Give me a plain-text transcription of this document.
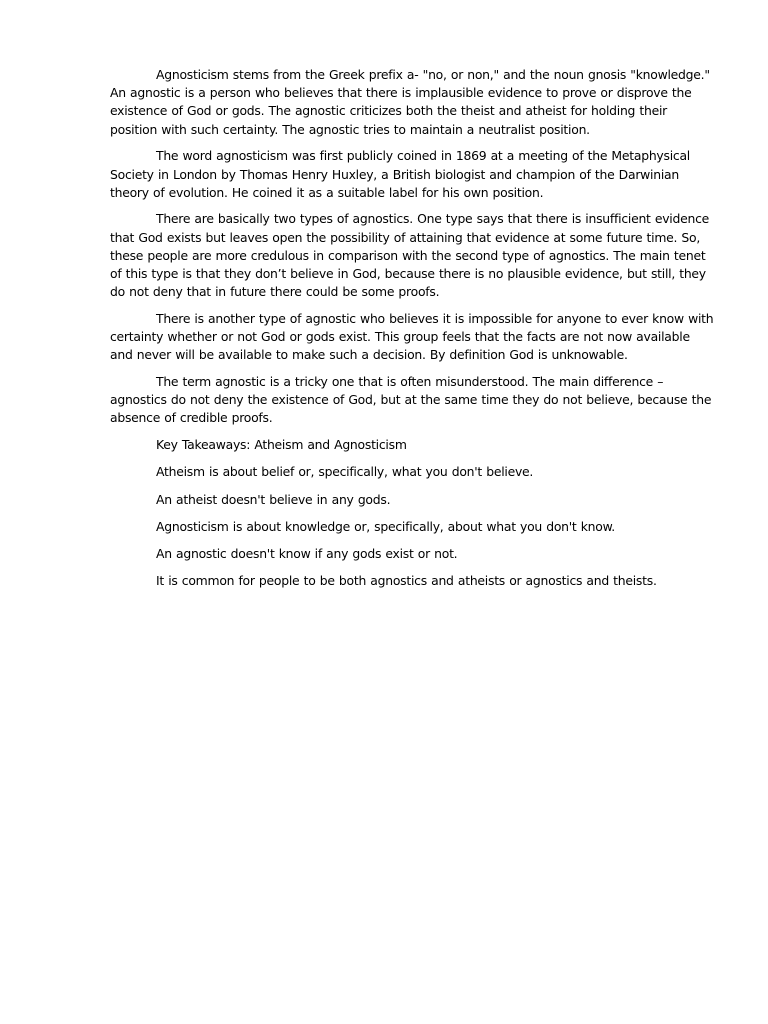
Agnosticism stems from the Greek prefix a- "no, or non," and the noun gnosis "knowledge." An agnostic is a person who believes that there is implausible evidence to prove or disprove the existence of God or gods. The agnostic criticizes both the theist and atheist for holding their position with such certainty. The agnostic tries to maintain a neutralist position.

The word agnosticism was first publicly coined in 1869 at a meeting of the Metaphysical Society in London by Thomas Henry Huxley, a British biologist and champion of the Darwinian theory of evolution. He coined it as a suitable label for his own position.

There are basically two types of agnostics. One type says that there is insufficient evidence that God exists but leaves open the possibility of attaining that evidence at some future time. So, these people are more credulous in comparison with the second type of agnostics. The main tenet of this type is that they don’t believe in God, because there is no plausible evidence, but still, they do not deny that in future there could be some proofs.

There is another type of agnostic who believes it is impossible for anyone to ever know with certainty whether or not God or gods exist. This group feels that the facts are not now available and never will be available to make such a decision. By definition God is unknowable.

The term agnostic is a tricky one that is often misunderstood. The main difference – agnostics do not deny the existence of God, but at the same time they do not believe, because the absence of credible proofs.

Key Takeaways: Atheism and Agnosticism

Atheism is about belief or, specifically, what you don't believe.

An atheist doesn't believe in any gods.

Agnosticism is about knowledge or, specifically, about what you don't know.

An agnostic doesn't know if any gods exist or not.

It is common for people to be both agnostics and atheists or agnostics and theists.
